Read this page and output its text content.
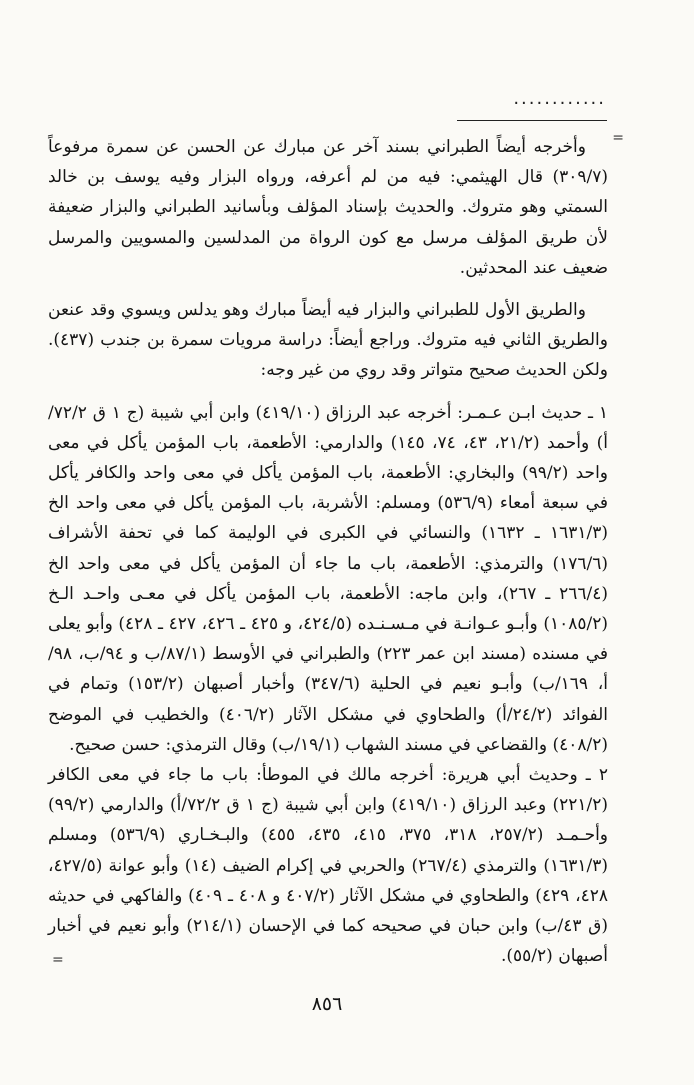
............
=

وأخرجه أيضاً الطبراني بسند آخر عن مبارك عن الحسن عن سمرة مرفوعاً (٣٠٩/٧) قال الهيثمي: فيه من لم أعرفه، ورواه البزار وفيه يوسف بن خالد السمتي وهو متروك. والحديث بإسناد المؤلف وبأسانيد الطبراني والبزار ضعيفة لأن طريق المؤلف مرسل مع كون الرواة من المدلسين والمسويين والمرسل ضعيف عند المحدثين.

والطريق الأول للطبراني والبزار فيه أيضاً مبارك وهو يدلس ويسوي وقد عنعن والطريق الثاني فيه متروك. وراجع أيضاً: دراسة مرويات سمرة بن جندب (٤٣٧). ولكن الحديث صحيح متواتر وقد روي من غير وجه:

١ ـ حديث ابـن عـمـر: أخرجه عبد الرزاق (٤١٩/١٠) وابن أبي شيبة (ج ١ ق ٧٢/٢/أ) وأحمد (٢١/٢، ٤٣، ٧٤، ١٤٥) والدارمي: الأطعمة، باب المؤمن يأكل في معى واحد (٩٩/٢) والبخاري: الأطعمة، باب المؤمن يأكل في معى واحد والكافر يأكل في سبعة أمعاء (٥٣٦/٩) ومسلم: الأشربة، باب المؤمن يأكل في معى واحد الخ (١٦٣١/٣ ـ ١٦٣٢) والنسائي في الكبرى في الوليمة كما في تحفة الأشراف (١٧٦/٦) والترمذي: الأطعمة، باب ما جاء أن المؤمن يأكل في معى واحد الخ (٢٦٦/٤ ـ ٢٦٧)، وابن ماجه: الأطعمة، باب المؤمن يأكل في معـى واحـد الـخ (١٠٨٥/٢) وأبـو عـوانـة في مـسـنـده (٤٢٤/٥، و ٤٢٥ ـ ٤٢٦، ٤٢٧ ـ ٤٢٨) وأبو يعلى في مسنده (مسند ابن عمر ٢٢٣) والطبراني في الأوسط (٨٧/١/ب و ٩٤/ب، ٩٨/أ، ١٦٩/ب) وأبـو نعيم في الحلية (٣٤٧/٦) وأخبار أصبهان (١٥٣/٢) وتمام في الفوائد (٢٤/٢/أ) والطحاوي في مشكل الآثار (٤٠٦/٢) والخطيب في الموضح (٤٠٨/٢) والقضاعي في مسند الشهاب (١٩/١/ب) وقال الترمذي: حسن صحيح.

٢ ـ وحديث أبي هريرة: أخرجه مالك في الموطأ: باب ما جاء في معى الكافر (٢٢١/٢) وعبد الرزاق (٤١٩/١٠) وابن أبي شيبة (ج ١ ق ٧٢/٢/أ) والدارمي (٩٩/٢) وأحـمـد (٢٥٧/٢، ٣١٨، ٣٧٥، ٤١٥، ٤٣٥، ٤٥٥) والبـخـاري (٥٣٦/٩) ومسلم (١٦٣١/٣) والترمذي (٢٦٧/٤) والحربي في إكرام الضيف (١٤) وأبو عوانة (٤٢٧/٥، ٤٢٨، ٤٢٩) والطحاوي في مشكل الآثار (٤٠٧/٢ و ٤٠٨ ـ ٤٠٩) والفاكهي في حديثه (ق ٤٣/ب) وابن حبان في صحيحه كما في الإحسان (٢١٤/١) وأبو نعيم في أخبار أصبهان (٥٥/٢).

=
٨٥٦
